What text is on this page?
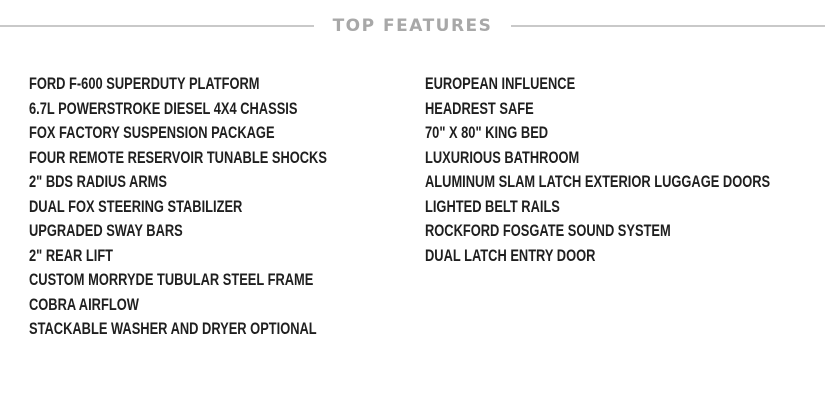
TOP FEATURES
FORD F-600 SUPERDUTY PLATFORM
6.7L POWERSTROKE DIESEL 4X4 CHASSIS
FOX FACTORY SUSPENSION PACKAGE
FOUR REMOTE RESERVOIR TUNABLE SHOCKS
2" BDS RADIUS ARMS
DUAL FOX STEERING STABILIZER
UPGRADED SWAY BARS
2" REAR LIFT
CUSTOM MORRYDE TUBULAR STEEL FRAME
COBRA AIRFLOW
STACKABLE WASHER AND DRYER OPTIONAL
EUROPEAN INFLUENCE
HEADREST SAFE
70" X 80" KING BED
LUXURIOUS BATHROOM
ALUMINUM SLAM LATCH EXTERIOR LUGGAGE DOORS
LIGHTED BELT RAILS
ROCKFORD FOSGATE SOUND SYSTEM
DUAL LATCH ENTRY DOOR
